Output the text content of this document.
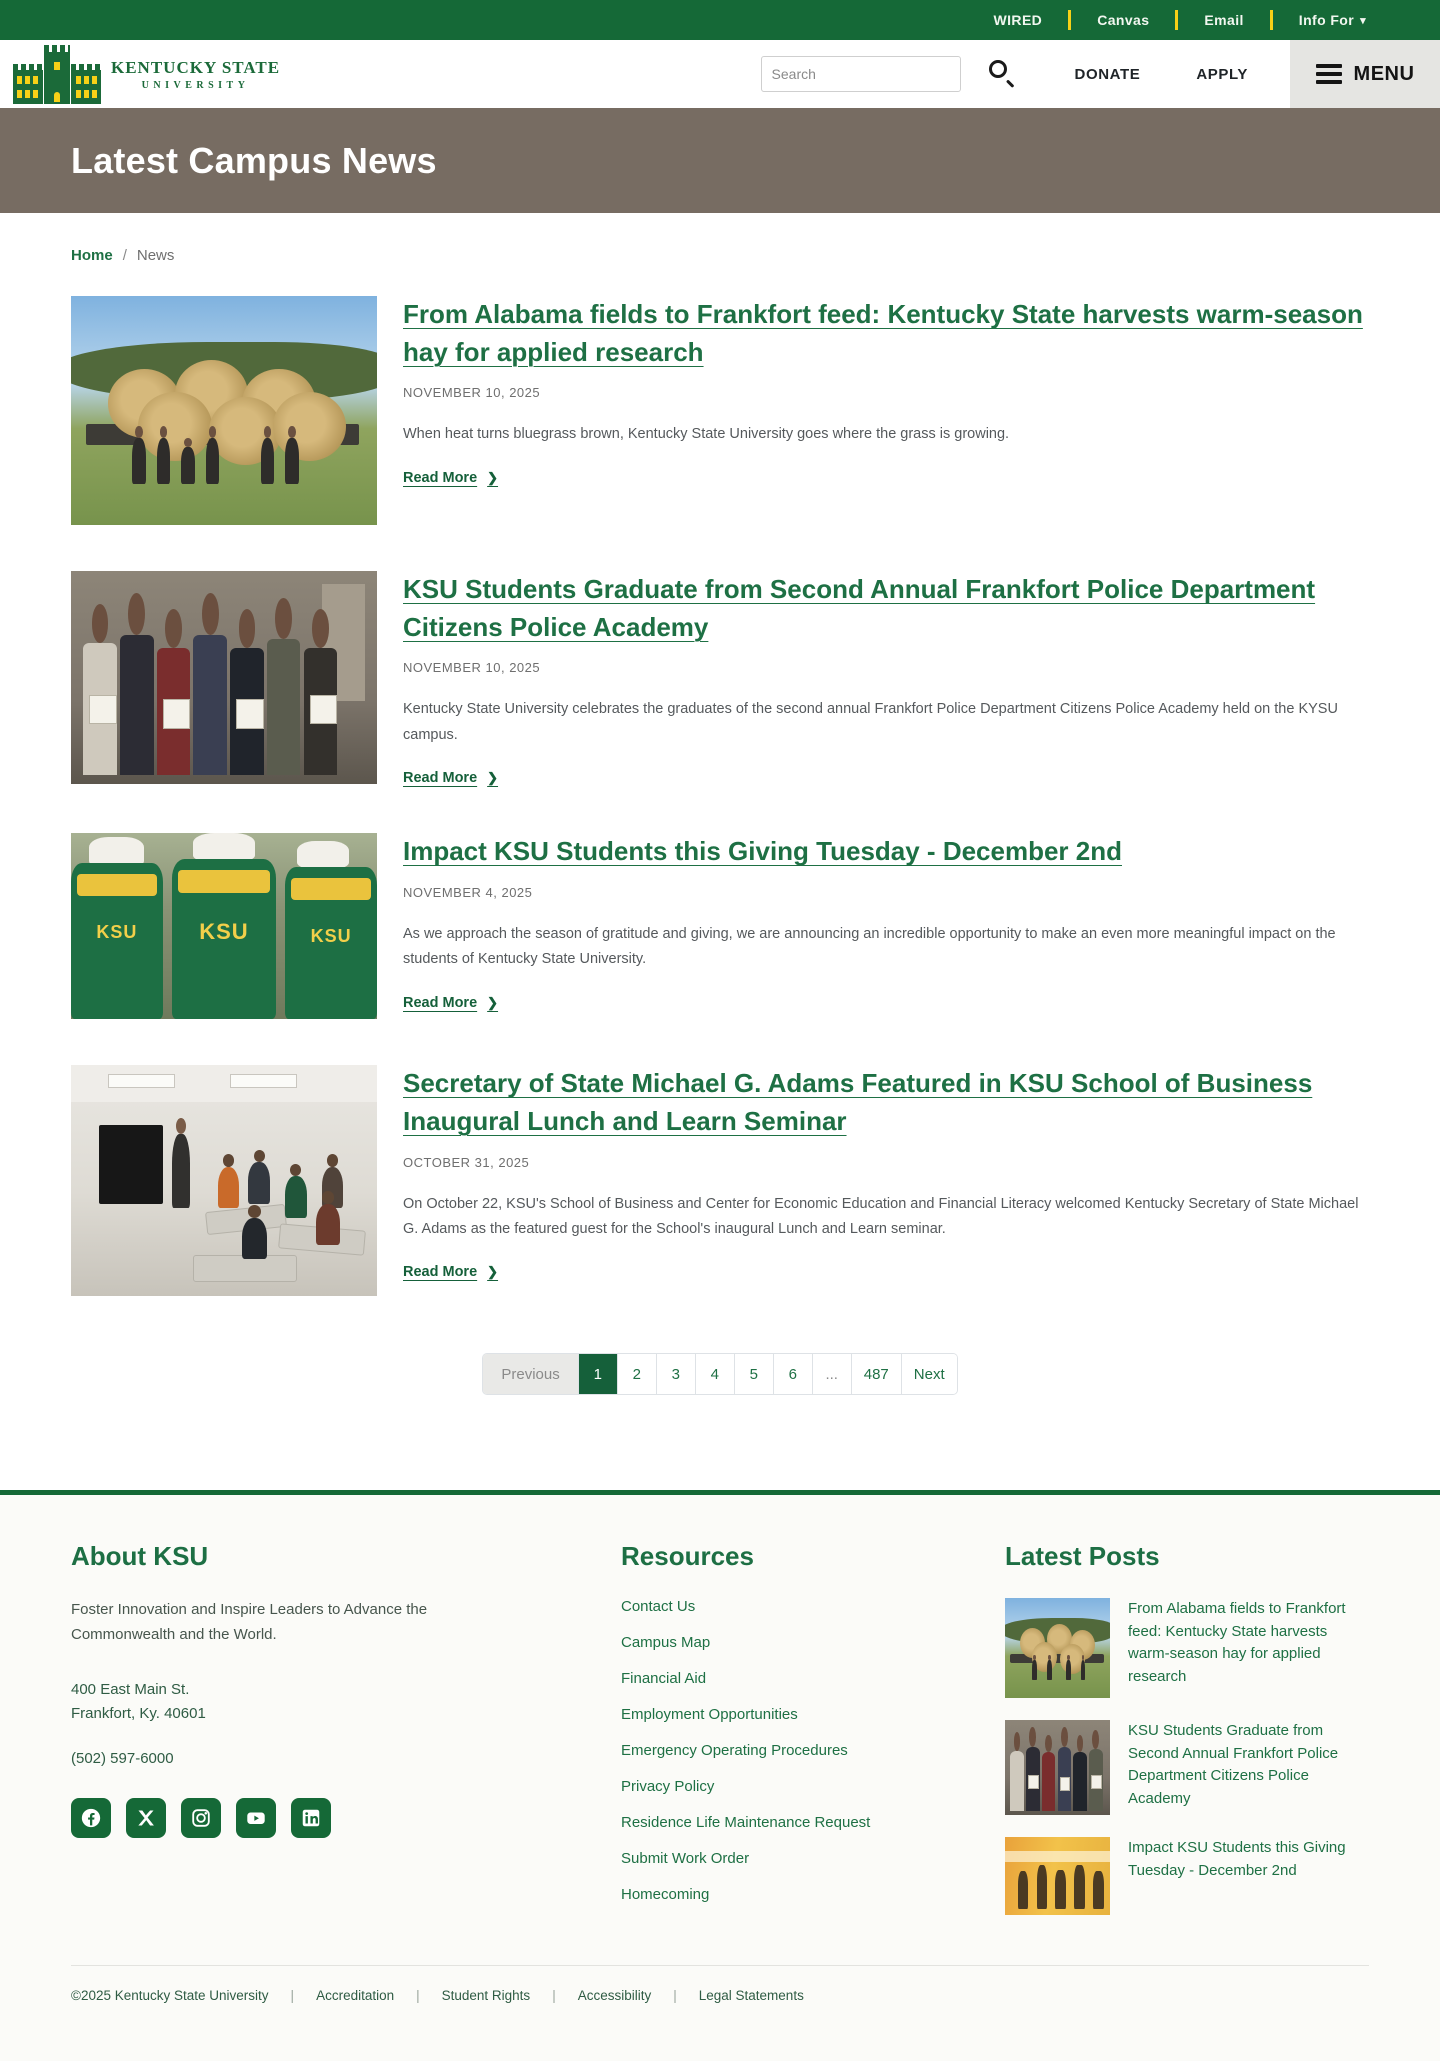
WIRED	Canvas	Email	Info For ▾
KENTUCKY STATE
UNIVERSITY
Search
DONATE	APPLY	MENU
Latest Campus News
Home / News
From Alabama fields to Frankfort feed: Kentucky State harvests warm-season hay for applied research
NOVEMBER 10, 2025
When heat turns bluegrass brown, Kentucky State University goes where the grass is growing.
Read More ❯
KSU Students Graduate from Second Annual Frankfort Police Department Citizens Police Academy
NOVEMBER 10, 2025
Kentucky State University celebrates the graduates of the second annual Frankfort Police Department Citizens Police Academy held on the KYSU campus.
Read More ❯
KSU	KSU	KSU
Impact KSU Students this Giving Tuesday - December 2nd
NOVEMBER 4, 2025
As we approach the season of gratitude and giving, we are announcing an incredible opportunity to make an even more meaningful impact on the students of Kentucky State University.
Read More ❯
Secretary of State Michael G. Adams Featured in KSU School of Business Inaugural Lunch and Learn Seminar
OCTOBER 31, 2025
On October 22, KSU's School of Business and Center for Economic Education and Financial Literacy welcomed Kentucky Secretary of State Michael G. Adams as the featured guest for the School's inaugural Lunch and Learn seminar.
Read More ❯
Previous	1	2	3	4	5	6	...	487	Next
About KSU
Foster Innovation and Inspire Leaders to Advance the Commonwealth and the World.
400 East Main St.
Frankfort, Ky. 40601
(502) 597-6000
Resources
Contact Us
Campus Map
Financial Aid
Employment Opportunities
Emergency Operating Procedures
Privacy Policy
Residence Life Maintenance Request
Submit Work Order
Homecoming
Latest Posts
From Alabama fields to Frankfort feed: Kentucky State harvests warm-season hay for applied research
KSU Students Graduate from Second Annual Frankfort Police Department Citizens Police Academy
Impact KSU Students this Giving Tuesday - December 2nd
©2025 Kentucky State University | Accreditation | Student Rights | Accessibility | Legal Statements
